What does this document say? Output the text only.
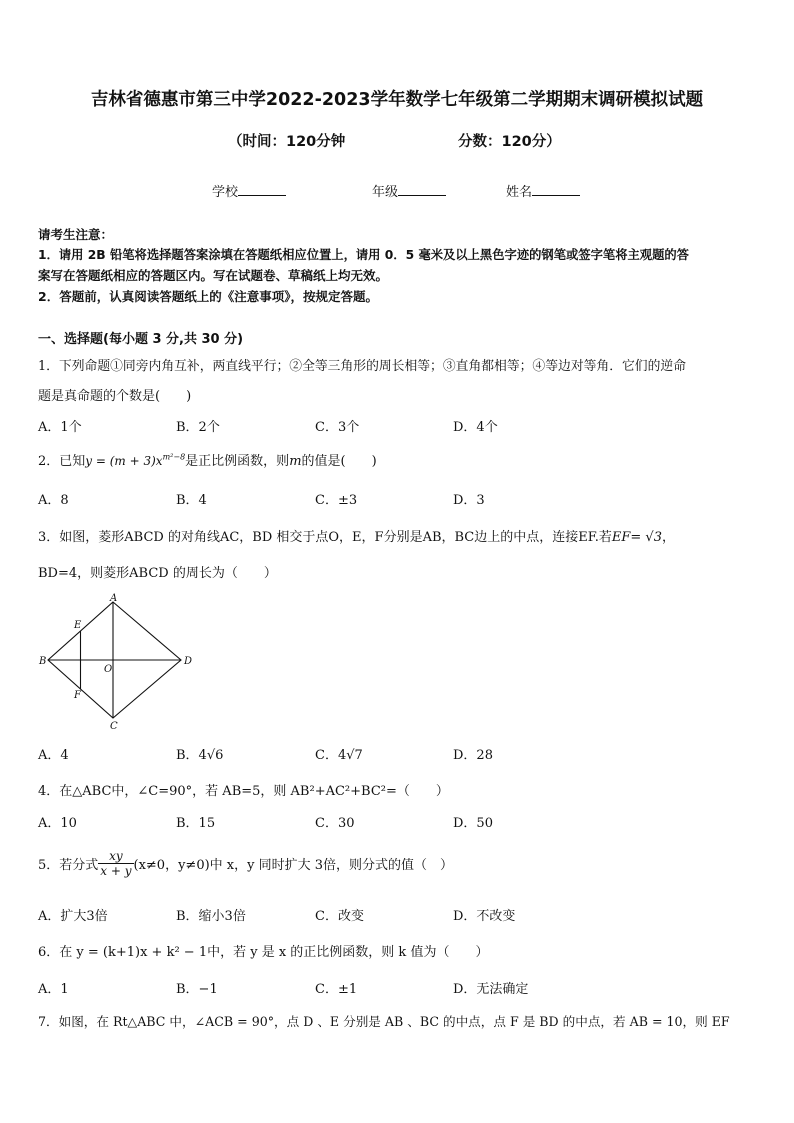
吉林省德惠市第三中学2022-2023学年数学七年级第二学期期末调研模拟试题
（时间：120分钟	分数：120分）
学校	年级	姓名
请考生注意：
1．请用 2B 铅笔将选择题答案涂填在答题纸相应位置上，请用 0．5 毫米及以上黑色字迹的钢笔或签字笔将主观题的答
案写在答题纸相应的答题区内。写在试题卷、草稿纸上均无效。
2．答题前，认真阅读答题纸上的《注意事项》，按规定答题。
一、选择题(每小题 3 分,共 30 分)
1．下列命题①同旁内角互补，两直线平行；②全等三角形的周长相等；③直角都相等；④等边对等角．它们的逆命
题是真命题的个数是(　　)
A．1个	B．2个	C．3个	D．4个
2．已知$y = (m + 3)x^{m^2-8}$是正比例函数，则m的值是(　　)
A．8	B．4	C．±3	D．3
3．如图，菱形ABCD 的对角线AC，BD 相交于点O，E，F分别是AB，BC边上的中点，连接EF.若EF= √3，
BD=4，则菱形ABCD 的周长为（　　）
A
B
C
D
E
F
O
A．4	B．4√6	C．4√7	D．28
4．在△ABC中，∠C=90°，若 AB=5，则 AB²+AC²+BC²=（　　）
A．10	B．15	C．30	D．50
5．若分式 $\frac{xy}{x + y} (x\ne 0$，y≠0)中 x，y 同时扩大 3倍，则分式的值（　）
A．扩大3倍	B．缩小3倍	C．改变	D．不改变
6．在 y = (k+1)x + k² − 1中，若 y 是 x 的正比例函数，则 k 值为（　　）
A．1	B．−1	C．±1	D．无法确定
7．如图，在 Rt△ABC 中，∠ACB = 90°，点 D 、E 分别是 AB 、BC 的中点，点 F 是 BD 的中点，若 AB = 10，则 EF
